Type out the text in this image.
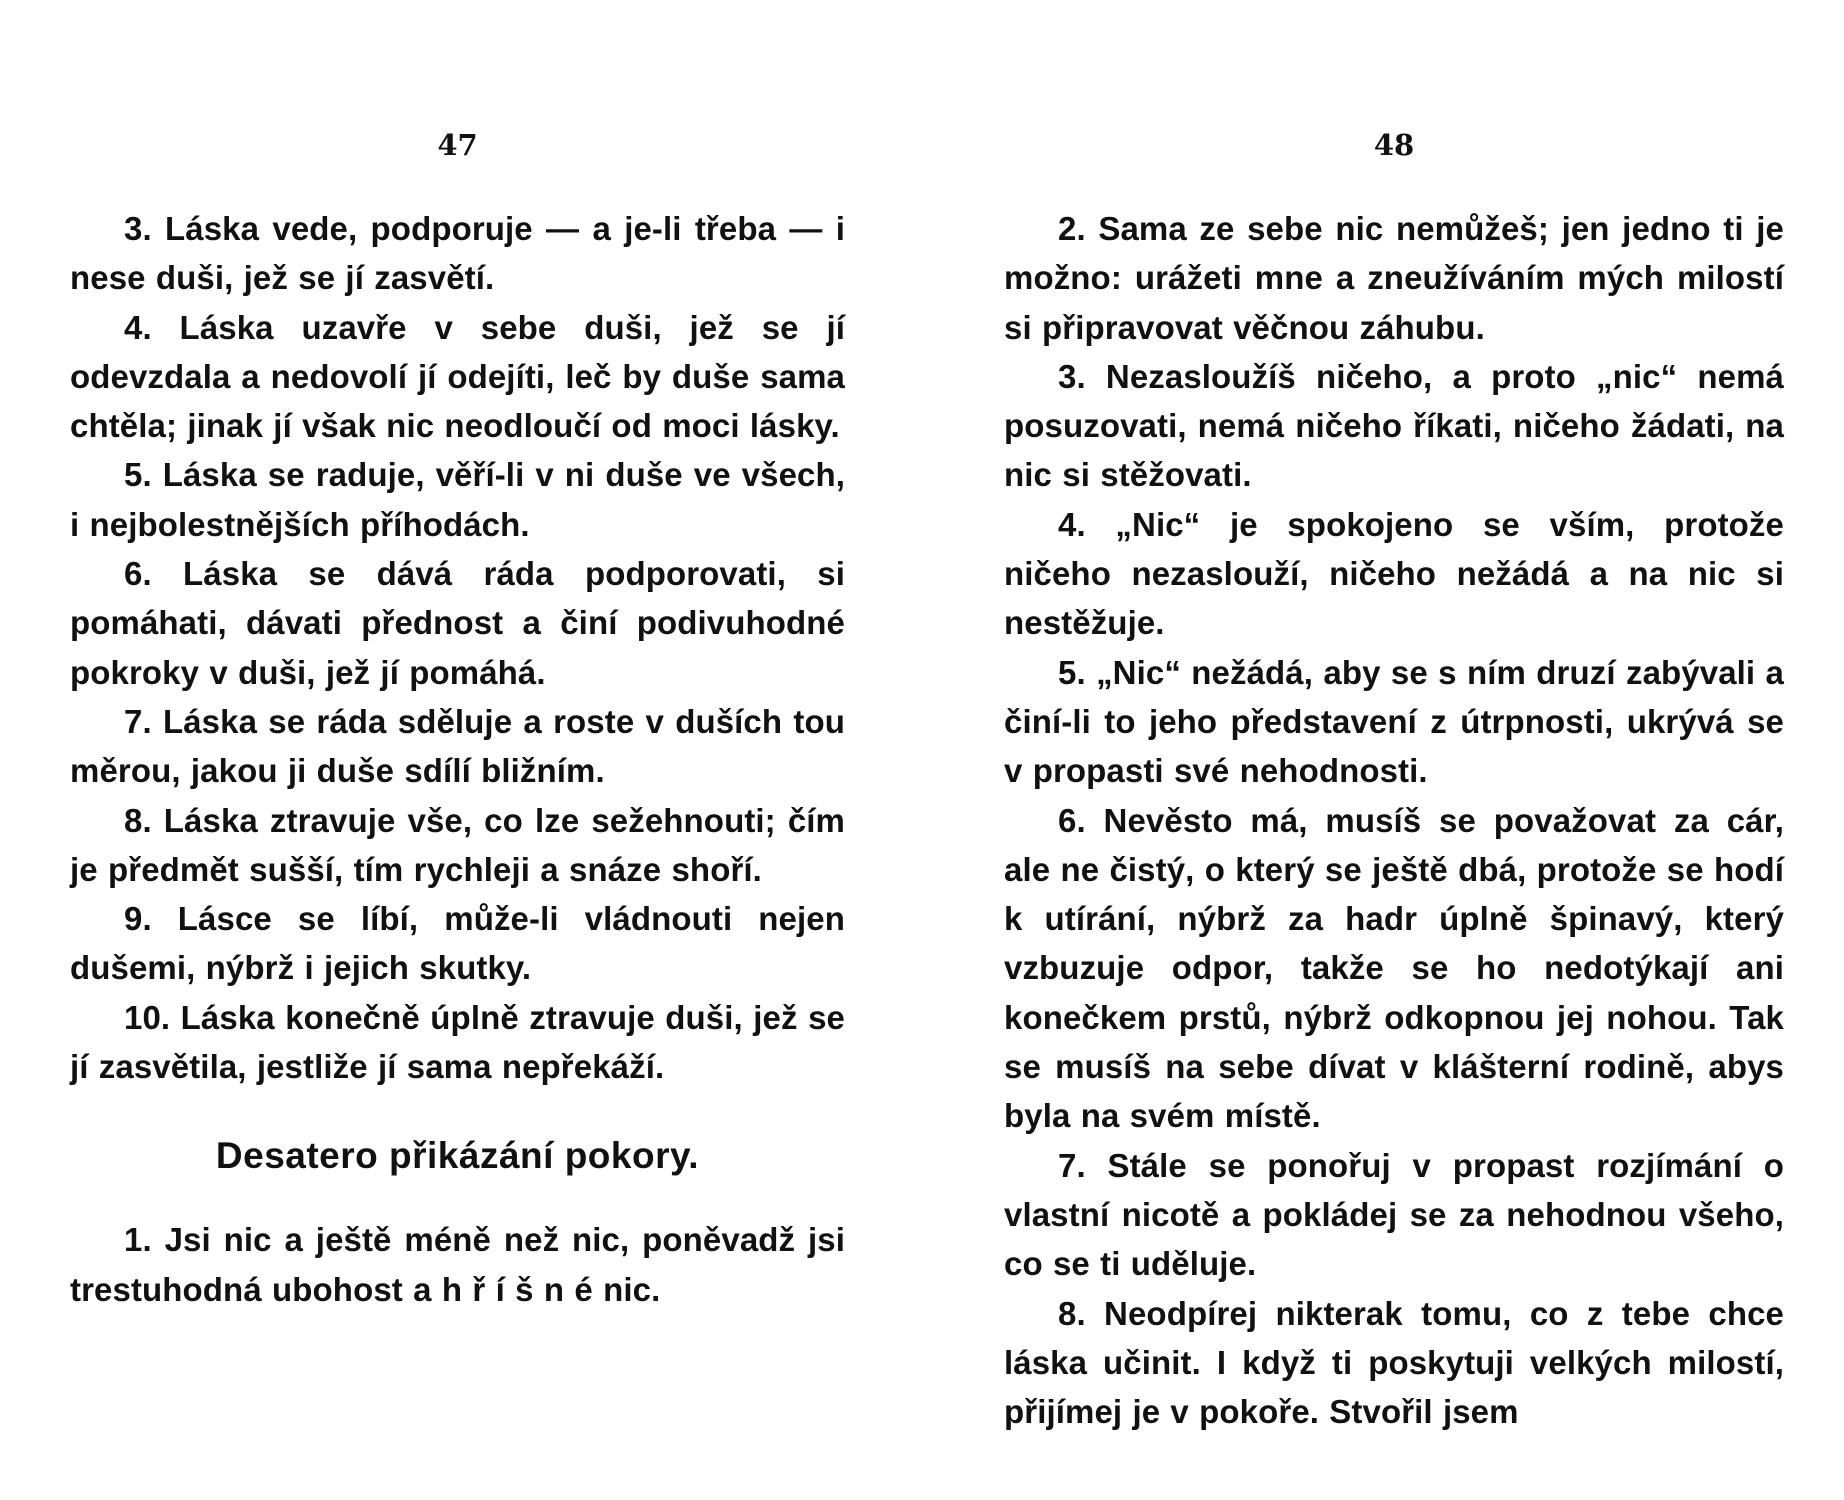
47

3. Láska vede, podporuje — a je-li třeba — i nese duši, jež se jí zasvětí.

4. Láska uzavře v sebe duši, jež se jí odevzdala a nedovolí jí odejíti, leč by duše sama chtěla; jinak jí však nic neodloučí od moci lásky.

5. Láska se raduje, věří-li v ni duše ve všech, i nejbolestnějších příhodách.

6. Láska se dává ráda podporovati, si pomáhati, dávati přednost a činí podivuhodné pokroky v duši, jež jí pomáhá.

7. Láska se ráda sděluje a roste v duších tou měrou, jakou ji duše sdílí bližním.

8. Láska ztravuje vše, co lze sežehnouti; čím je předmět sušší, tím rychleji a snáze shoří.

9. Lásce se líbí, může-li vládnouti nejen dušemi, nýbrž i jejich skutky.

10. Láska konečně úplně ztravuje duši, jež se jí zasvětila, jestliže jí sama nepřekáží.

Desatero přikázání pokory.

1. Jsi nic a ještě méně než nic, poněvadž jsi trestuhodná ubohost a h ř í š n é nic.

48

2. Sama ze sebe nic nemůžeš; jen jedno ti je možno: urážeti mne a zneužíváním mých milostí si připravovat věčnou záhubu.

3. Nezasloužíš ničeho, a proto „nic“ nemá posuzovati, nemá ničeho říkati, ničeho žádati, na nic si stěžovati.

4. „Nic“ je spokojeno se vším, protože ničeho nezaslouží, ničeho nežádá a na nic si nestěžuje.

5. „Nic“ nežádá, aby se s ním druzí zabývali a činí-li to jeho představení z útrpnosti, ukrývá se v propasti své nehodnosti.

6. Nevěsto má, musíš se považovat za cár, ale ne čistý, o který se ještě dbá, protože se hodí k utírání, nýbrž za hadr úplně špinavý, který vzbuzuje odpor, takže se ho nedotýkají ani konečkem prstů, nýbrž odkopnou jej nohou. Tak se musíš na sebe dívat v klášterní rodině, abys byla na svém místě.

7. Stále se ponořuj v propast rozjímání o vlastní nicotě a pokládej se za nehodnou všeho, co se ti uděluje.

8. Neodpírej nikterak tomu, co z tebe chce láska učinit. I když ti poskytuji velkých milostí, přijímej je v pokoře. Stvořil jsem
